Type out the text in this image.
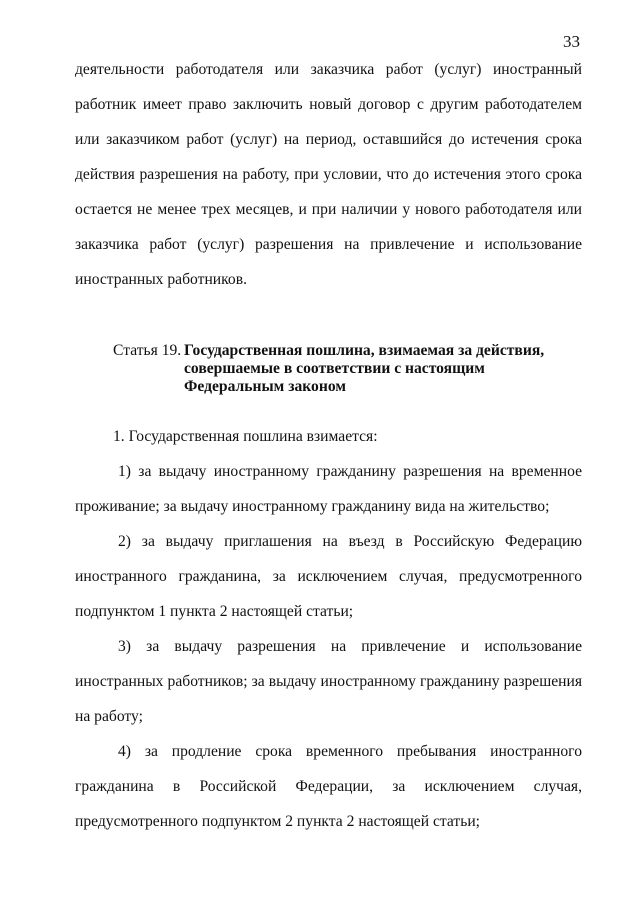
33
деятельности работодателя или заказчика работ (услуг) иностранный
работник имеет право заключить новый договор с другим работодателем
или заказчиком работ (услуг) на период, оставшийся до истечения срока
действия разрешения на работу, при условии, что до истечения этого срока
остается не менее трех месяцев, и при наличии у нового работодателя или
заказчика работ (услуг) разрешения на привлечение и использование
иностранных работников.
Статья 19. Государственная пошлина, взимаемая за действия,
совершаемые в соответствии с настоящим
Федеральным законом
1. Государственная пошлина взимается:
1) за выдачу иностранному гражданину разрешения на временное
проживание; за выдачу иностранному гражданину вида на жительство;
2) за выдачу приглашения на въезд в Российскую Федерацию
иностранного гражданина, за исключением случая, предусмотренного
подпунктом 1 пункта 2 настоящей статьи;
3) за выдачу разрешения на привлечение и использование
иностранных работников; за выдачу иностранному гражданину разрешения
на работу;
4) за продление срока временного пребывания иностранного
гражданина в Российской Федерации, за исключением случая,
предусмотренного подпунктом 2 пункта 2 настоящей статьи;
